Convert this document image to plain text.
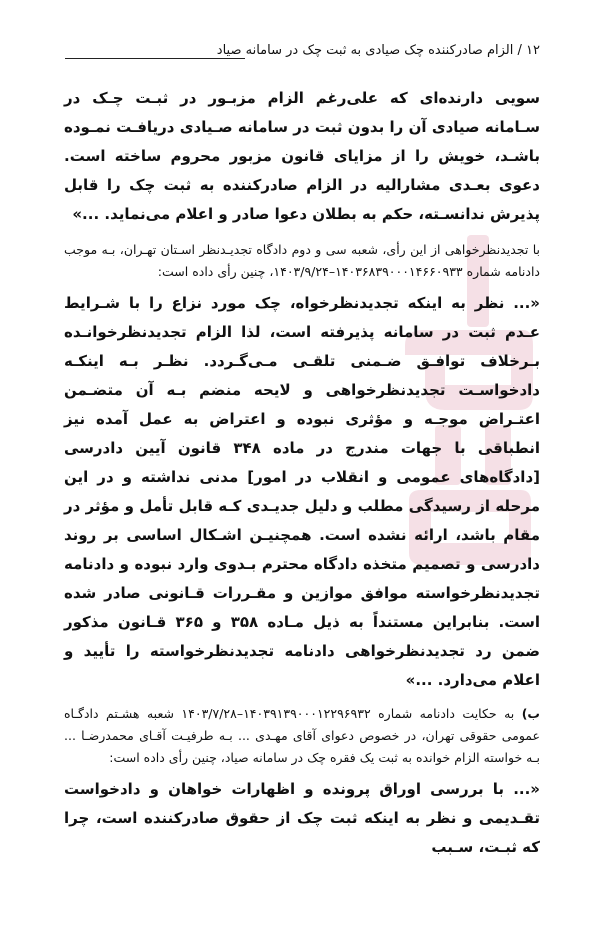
۱۲ / الزام صادرکننده چک صیادی به ثبت چک در سامانه صیاد

سویی دارنده‌ای که علی‌رغم الزام مزبـور در ثبـت چـک در سـامانه صیادی آن را بدون ثبت در سامانه صـیادی دریافـت نمـوده باشـد، خویش را از مزایای قانون مزبور محروم ساخته است. دعوی بعـدی مشارالیه در الزام صادرکننده به ثبت چک را قابل پذیرش ندانسـته، حکم به بطلان دعوا صادر و اعلام می‌نماید. ...»

با تجدیدنظرخواهی از این رأی، شعبه سی و دوم دادگاه تجدیـدنظر اسـتان تهـران، بـه موجب دادنامه شماره ۱۴۰۳۶۸۳۹۰۰۰۱۴۶۶۰۹۳۳–۱۴۰۳/۹/۲۴، چنین رأی داده است:

«... نظر به اینکه تجدیدنظرخواه، چک مورد نزاع را با شـرایط عـدم ثبت در سامانه پذیرفته است، لذا الزام تجدیدنظرخوانـده بـرخلاف توافـق ضـمنی تلقـی مـی‌گـردد. نظـر بـه اینکـه دادخواسـت تجدیدنظرخواهی و لایحه منضم بـه آن متضـمن اعتـراض موجـه و مؤثری نبوده و اعتراض به عمل آمده نیز انطباقی با جهات مندرج در ماده ۳۴۸ قانون آیین دادرسی [دادگاه‌های عمومی و انقلاب در امور] مدنی نداشته و در این مرحله از رسیدگی مطلب و دلیل جدیـدی کـه قابل تأمل و مؤثر در مقام باشد، ارائه نشده است. همچنیـن اشـکال اساسی بر روند دادرسی و تصمیم متخذه دادگاه محترم بـدوی وارد نبوده و دادنامه تجدیدنظرخواسته موافق موازین و مقـررات قـانونی صادر شده است. بنابراین مستنداً به ذیل مـاده ۳۵۸ و ۳۶۵ قـانون مذکور ضمن رد تجدیدنظرخواهی دادنامه تجدیدنظرخواسته را تأیید و اعلام می‌دارد. ...»

ب) به حکایت دادنامه شماره ۱۴۰۳۹۱۳۹۰۰۰۱۲۲۹۶۹۳۲–۱۴۰۳/۷/۲۸ شعبه هشـتم دادگـاه عمومی حقوقی تهران، در خصوص دعوای آقای مهـدی ... بـه طرفیـت آقـای محمدرضـا ... بـه خواسته الزام خوانده به ثبت یک فقره چک در سامانه صیاد، چنین رأی داده است:

«... با بررسی اوراق پرونده و اظهارات خواهان و دادخواست تقـدیمی و نظر به اینکه ثبت چک از حقوق صادرکننده است، چرا که ثبـت، سـبب
